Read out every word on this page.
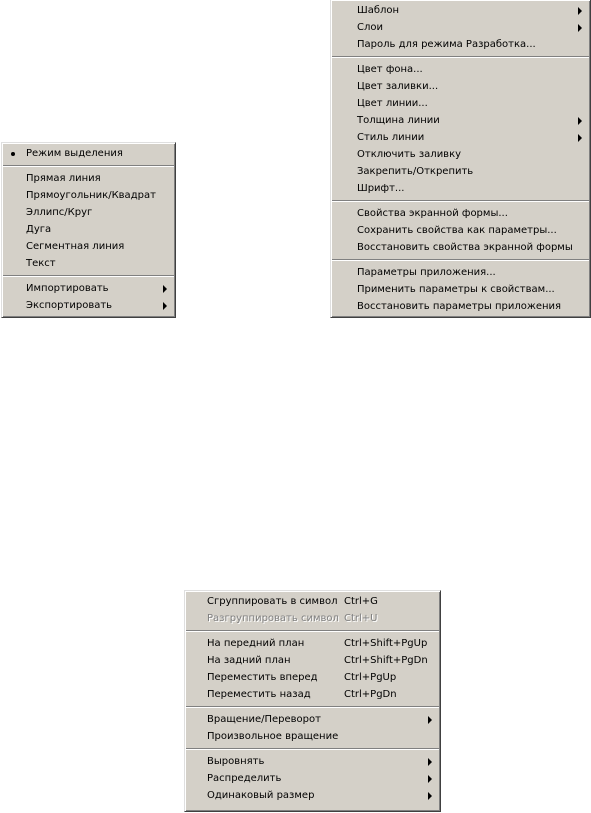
Режим выделения
Прямая линия
Прямоугольник/Квадрат
Эллипс/Круг
Дуга
Сегментная линия
Текст
Импортировать
Экспортировать
Шаблон
Слои
Пароль для режима Разработка...
Цвет фона...
Цвет заливки...
Цвет линии...
Толщина линии
Стиль линии
Отключить заливку
Закрепить/Открепить
Шрифт...
Свойства экранной формы...
Сохранить свойства как параметры...
Восстановить свойства экранной формы
Параметры приложения...
Применить параметры к свойствам...
Восстановить параметры приложения
Сгруппировать в символ Ctrl+G
Разгруппировать символ Ctrl+U
На передний план	Ctrl+Shift+PgUp
На задний план	Ctrl+Shift+PgDn
Переместить вперед	Ctrl+PgUp
Переместить назад	Ctrl+PgDn
Вращение/Переворот
Произвольное вращение
Выровнять
Распределить
Одинаковый размер
